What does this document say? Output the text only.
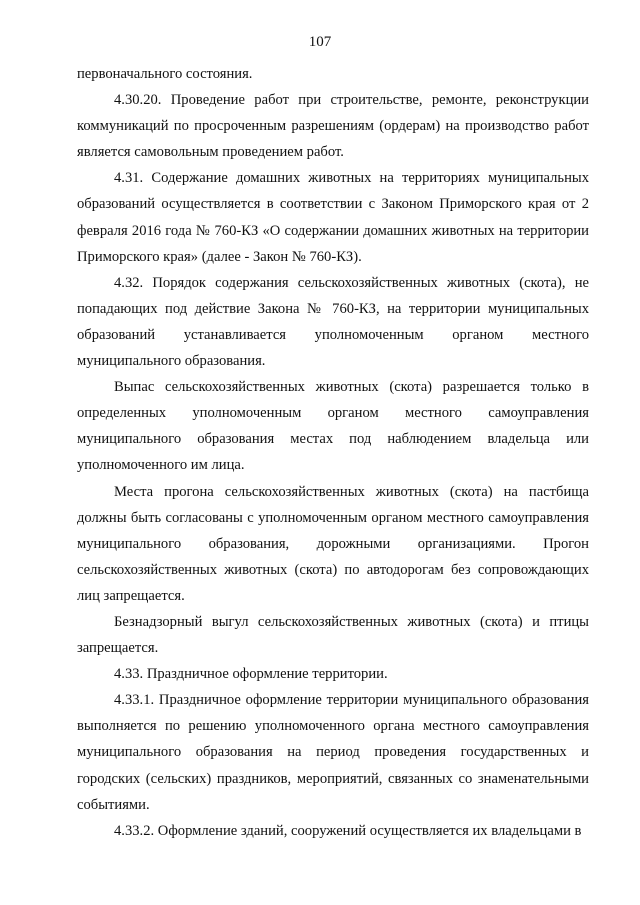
107

первоначального состояния.

4.30.20. Проведение работ при строительстве, ремонте, реконструкции коммуникаций по просроченным разрешениям (ордерам) на производство работ является самовольным проведением работ.

4.31. Содержание домашних животных на территориях муниципальных образований осуществляется в соответствии с Законом Приморского края от 2 февраля 2016 года № 760-КЗ «О содержании домашних животных на территории Приморского края» (далее - Закон № 760-КЗ).

4.32. Порядок содержания сельскохозяйственных животных (скота), не попадающих под действие Закона № 760-КЗ, на территории муниципальных образований устанавливается уполномоченным органом местного муниципального образования.

Выпас сельскохозяйственных животных (скота) разрешается только в определенных уполномоченным органом местного самоуправления муниципального образования местах под наблюдением владельца или уполномоченного им лица.

Места прогона сельскохозяйственных животных (скота) на пастбища должны быть согласованы с уполномоченным органом местного самоуправления муниципального образования, дорожными организациями. Прогон сельскохозяйственных животных (скота) по автодорогам без сопровождающих лиц запрещается.

Безнадзорный выгул сельскохозяйственных животных (скота) и птицы запрещается.

4.33. Праздничное оформление территории.

4.33.1. Праздничное оформление территории муниципального образования выполняется по решению уполномоченного органа местного самоуправления муниципального образования на период проведения государственных и городских (сельских) праздников, мероприятий, связанных со знаменательными событиями.

4.33.2. Оформление зданий, сооружений осуществляется их владельцами в
